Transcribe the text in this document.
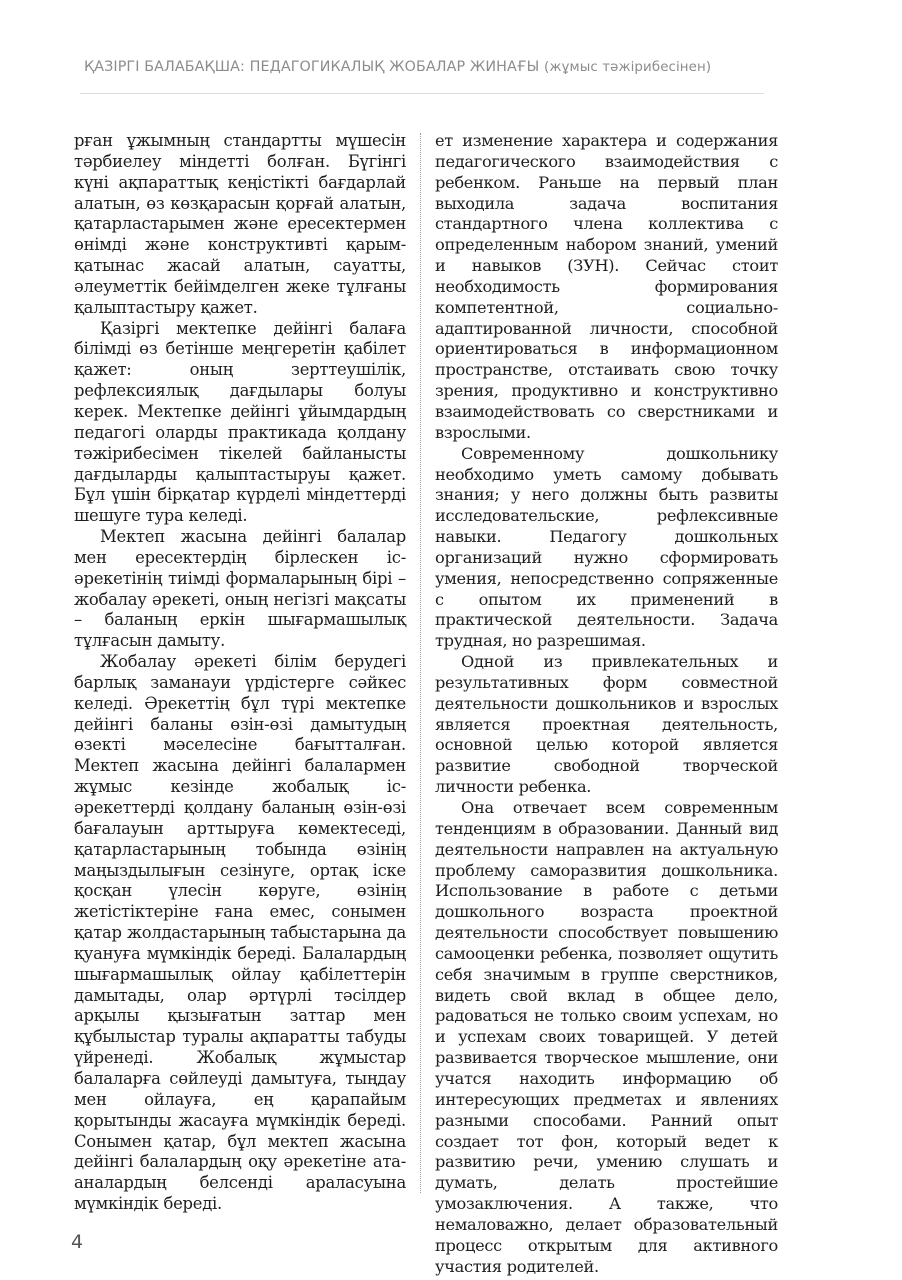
ҚАЗІРГІ БАЛАБАҚША: ПЕДАГОГИКАЛЫҚ ЖОБАЛАР ЖИНАҒЫ (жұмыс тәжірибесінен)

рған ұжымның стандартты мүшесін тәрбиелеу міндетті болған. Бүгінгі күні ақпараттық кеңістікті бағдарлай алатын, өз көзқарасын қорғай алатын, қатарластарымен және ересектермен өнімді және конструктивті қарым-қатынас жасай алатын, сауатты, әлеуметтік бейімделген жеке тұлғаны қалыптастыру қажет.

Қазіргі мектепке дейінгі балаға білімді өз бетінше меңгеретін қабілет қажет: оның зерттеушілік, рефлексиялық дағдылары болуы керек. Мектепке дейінгі ұйымдардың педагогі оларды практикада қолдану тәжірибесімен тікелей байланысты дағдыларды қалыптастыруы қажет. Бұл үшін бірқатар күрделі міндеттерді шешуге тура келеді.

Мектеп жасына дейінгі балалар мен ересектердің бірлескен іс-әрекетінің тиімді формаларының бірі – жобалау әрекеті, оның негізгі мақсаты – баланың еркін шығармашылық тұлғасын дамыту.

Жобалау әрекеті білім берудегі барлық заманауи үрдістерге сәйкес келеді. Әрекеттің бұл түрі мектепке дейінгі баланы өзін-өзі дамытудың өзекті мәселесіне бағытталған. Мектеп жасына дейінгі балалармен жұмыс кезінде жобалық іс-әрекеттерді қолдану баланың өзін-өзі бағалауын арттыруға көмектеседі, қатарластарының тобында өзінің маңыздылығын сезінуге, ортақ іске қосқан үлесін көруге, өзінің жетістіктеріне ғана емес, сонымен қатар жолдастарының табыстарына да қуануға мүмкіндік береді. Балалардың шығармашылық ойлау қабілеттерін дамытады, олар әртүрлі тәсілдер арқылы қызығатын заттар мен құбылыстар туралы ақпаратты табуды үйренеді. Жобалық жұмыстар балаларға сөйлеуді дамытуға, тыңдау мен ойлауға, ең қарапайым қорытынды жасауға мүмкіндік береді. Сонымен қатар, бұл мектеп жасына дейінгі балалардың оқу әрекетіне ата-аналардың белсенді араласуына мүмкіндік береді.

ет изменение характера и содержания педагогического взаимодействия с ребенком. Раньше на первый план выходила задача воспитания стандартного члена коллектива с определенным набором знаний, умений и навыков (ЗУН). Сейчас стоит необходимость формирования компетентной, социально-адаптированной личности, способной ориентироваться в информационном пространстве, отстаивать свою точку зрения, продуктивно и конструктивно взаимодействовать со сверстниками и взрослыми.

Современному дошкольнику необходимо уметь самому добывать знания; у него должны быть развиты исследовательские, рефлексивные навыки. Педагогу дошкольных организаций нужно сформировать умения, непосредственно сопряженные с опытом их применений в практической деятельности. Задача трудная, но разрешимая.

Одной из привлекательных и результативных форм совместной деятельности дошкольников и взрослых является проектная деятельность, основной целью которой является развитие свободной творческой личности ребенка.

Она отвечает всем современным тенденциям в образовании. Данный вид деятельности направлен на актуальную проблему саморазвития дошкольника. Использование в работе с детьми дошкольного возраста проектной деятельности способствует повышению самооценки ребенка, позволяет ощутить себя значимым в группе сверстников, видеть свой вклад в общее дело, радоваться не только своим успехам, но и успехам своих товарищей. У детей развивается творческое мышление, они учатся находить информацию об интересующих предметах и явлениях разными способами. Ранний опыт создает тот фон, который ведет к развитию речи, умению слушать и думать, делать простейшие умозаключения. А также, что немаловажно, делает образовательный процесс открытым для активного участия родителей.

4
